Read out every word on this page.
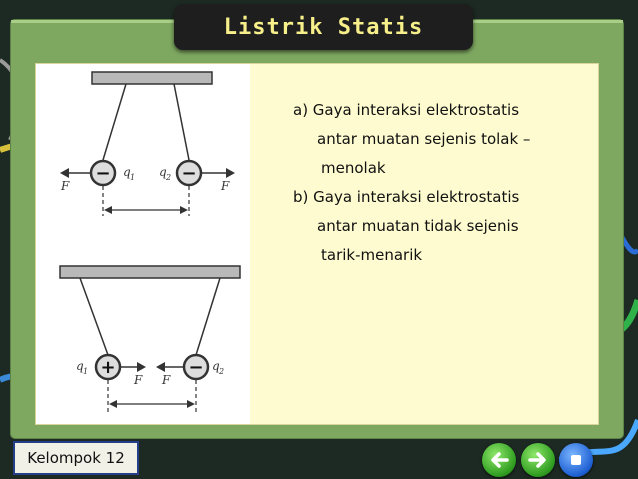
Listrik Statis
−	−
q 1 q 2
F	F
+	−
q 1	q 2
F F
a) Gaya interaksi elektrostatis
antar muatan sejenis tolak –
menolak
b) Gaya interaksi elektrostatis
antar muatan tidak sejenis
tarik-menarik
Kelompok 12
